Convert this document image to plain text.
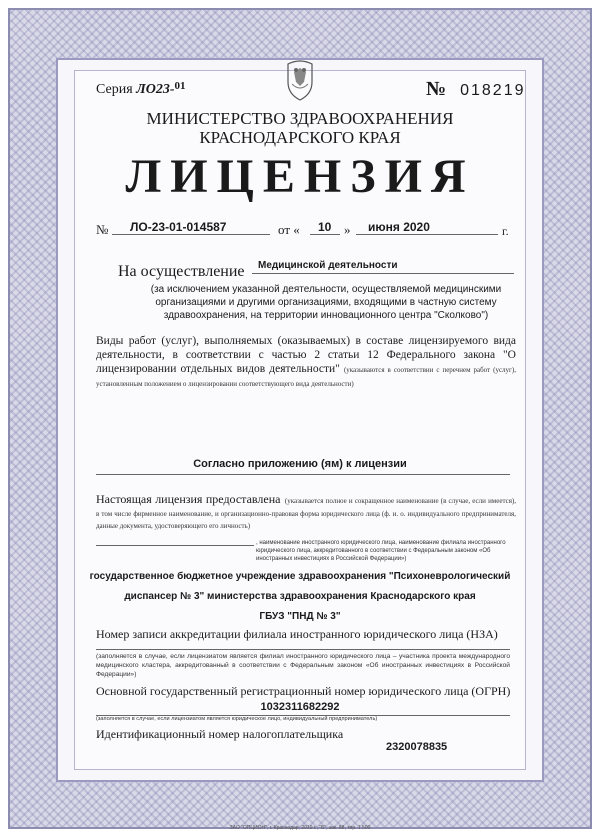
Серия ЛО23-$^{01}$	№ 018219
МИНИСТЕРСТВО ЗДРАВООХРАНЕНИЯ
КРАСНОДАРСКОГО КРАЯ
ЛИЦЕНЗИЯ
№ ЛО-23-01-014587	от « 10 » июня 2020	г.
Медицинской деятельности
На осуществление
(за исключением указанной деятельности, осуществляемой медицинскими организациями и другими организациями, входящими в частную систему здравоохранения, на территории инновационного центра "Сколково")
Виды работ (услуг), выполняемых (оказываемых) в составе лицензируемого вида деятельности, в соответствии с частью 2 статьи 12 Федерального закона "О лицензировании отдельных видов деятельности" (указываются в соответствии с перечнем работ (услуг), установленным положением о лицензировании соответствующего вида деятельности)
Согласно приложению (ям) к лицензии
Настоящая лицензия предоставлена (указывается полное и сокращенное наименование (в случае, если имеется), в том числе фирменное наименование, и организационно-правовая форма юридического лица (ф. и. о. индивидуального предпринимателя, данные документа, удостоверяющего его личность)
, наименование иностранного юридического лица, наименование филиала иностранного юридического лица, аккредитованного в соответствии с Федеральным законом «Об иностранных инвестициях в Российской Федерации»)
государственное бюджетное учреждение здравоохранения "Психоневрологический
диспансер № 3" министерства здравоохранения Краснодарского края
ГБУЗ "ПНД № 3"
Номер записи аккредитации филиала иностранного юридического лица (НЗА)
(заполняется в случае, если лицензиатом является филиал иностранного юридического лица – участника проекта международного медицинского кластера, аккредитованный в соответствии с Федеральным законом «Об иностранных инвестициях в Российской Федерации»)
Основной государственный регистрационный номер юридического лица (ОГРН)
1032311682292
(заполняется в случае, если лицензиатом является юридическое лицо, индивидуальный предприниматель)
Идентификационный номер налогоплательщика
2320078835
ЗАО "ОПЦИОН", г. Краснодар, 2019 г., "Б", зак. 88, тир. 1 500
